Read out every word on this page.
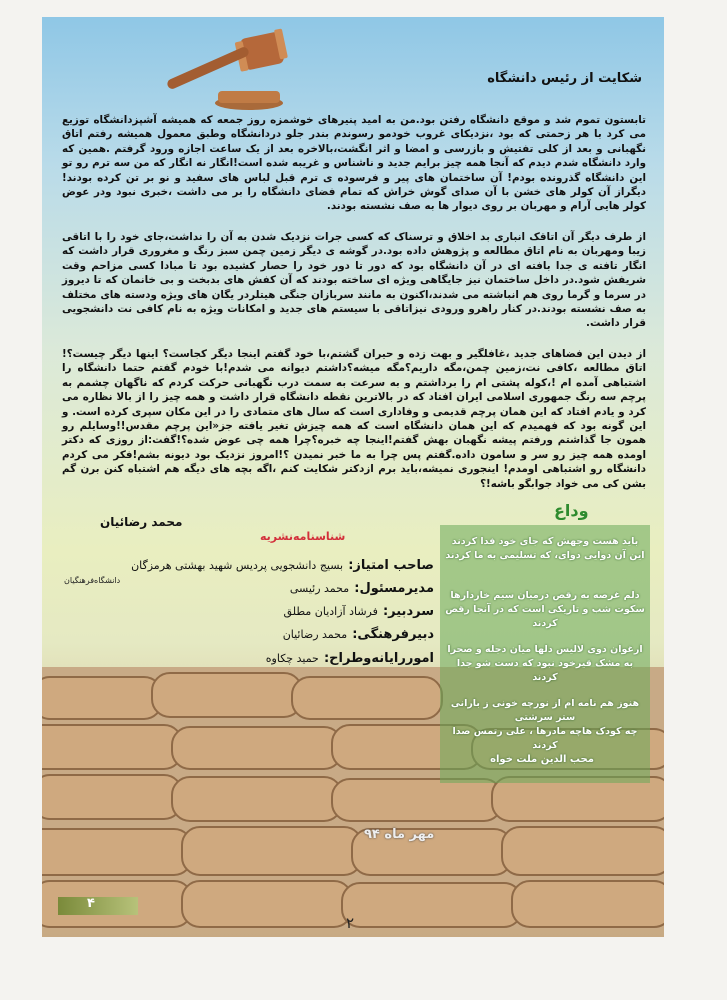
شکایت از رئیس دانشگاه

تابستون تموم شد و موقع دانشگاه رفتن بود.من به امید پنیرهای خوشمزه روز جمعه که همیشه آشپزدانشگاه توزیع می کرد با هر زحمتی که بود ،نزدیکای غروب خودمو رسوندم بندر جلو دردانشگاه وطبق معمول همیشه رفتم اتاق نگهبانی و بعد از کلی تفتیش و بازرسی و امضا و اثر انگشت،بالاخره بعد از یک ساعت اجازه ورود گرفتم .همین که وارد دانشگاه شدم دیدم که آنجا همه چیز برایم جدید و ناشناس و غریبه شده است!انگار نه انگار که من سه ترم رو تو این دانشگاه گذرونده بودم! آن ساختمان های پیر و فرسوده ی ترم قبل لباس های سفید و نو بر تن کرده بودند!دیگراز آن کولر های خشن با آن صدای گوش خراش که تمام فضای دانشگاه را بر می داشت ،خبری نبود ودر عوض کولر هایی آرام و مهربان بر روی دیوار ها به صف نشسته بودند.

از طرف دیگر آن اتاقک انباری بد اخلاق و ترسناک که کسی جرات نزدیک شدن به آن را نداشت،جای خود را با اتاقی زیبا ومهربان به نام اتاق مطالعه و پژوهش داده بود.در گوشه ی دیگر زمین چمن سبز رنگ و مغروری قرار داشت که انگار تافته ی جدا بافته ای در آن دانشگاه بود که دور تا دور خود را حصار کشیده بود تا مبادا کسی مزاحم وقت شریفش شود.در داخل ساختمان نیز جایگاهی ویژه ای ساخته بودند که آن کفش های بدبخت و بی خانمان که تا دیروز در سرما و گرما روی هم انباشته می شدند،اکنون به مانند سربازان جنگی هیتلردر یگان های ویژه ودسته های مختلف به صف نشسته بودند.در کنار راهرو ورودی نیزاتاقی با سیستم های جدید و امکانات ویژه به نام کافی نت دانشجویی قرار داشت.

از دیدن این فضاهای جدید ،غافلگیر و بهت زده و حیران گشتم،با خود گفتم اینجا دیگر کجاست؟ اینها دیگر چیست؟!اتاق مطالعه ،کافی نت،زمین چمن،مگه داریم؟مگه میشه؟داشتم دیوانه می شدم!با خودم گفتم حتما دانشگاه را اشتباهی آمده ام !،کوله پشتی ام را برداشتم و به سرعت به سمت درب نگهبانی حرکت کردم که ناگهان چشمم به پرچم سه رنگ جمهوری اسلامی ایران افتاد که در بالاترین نقطه دانشگاه قرار داشت و همه چیز را از بالا نظاره می کرد و یادم افتاد که این همان پرچم قدیمی و وفاداری است که سال های متمادی را در این مکان سپری کرده است. و این گونه بود که فهمیدم که این همان دانشگاه است که همه چیزش تغیر یافته جز«این پرچم مقدس!!وسایلم رو همون جا گذاشتم ورفتم پیشه نگهبان بهش گفتم!اینجا چه خبره؟چرا همه چی عوض شده؟!گفت:از روزی که دکتر اومده همه چیز رو سر و سامون داده.گفتم پس چرا به ما خبر نمیدن ؟!امروز نزدیک بود دیونه بشم!فکر می کردم دانشگاه رو اشتباهی اومدم! اینجوری نمیشه،باید برم ازدکتر شکایت کنم ،اگه بچه های دیگه هم اشتباه کنن برن گم بشن کی می خواد جوابگو باشه!؟

محمد رضائیان
وداع

باید هست وجهش که جای خود فدا کردند
این آن دوایی دوای، که تسلیمی به ما کردند

دلم غرصه به رقص درمیان سیم خاردارها
سکوت شب و تاریکی است که در آنجا رقص کردند

ارغوان دوی لالیس دلها میان دجله و صحرا
به مشک قیرخود نبود که دست شو جدا کردند

هنوز هم نامه ام از نورچه خونی ز بارانی ستر سرشتی
چه کودک هاچه مادرها ، علی رتمس صدا کردند

محب الدین ملت خواه
شناسنامه‌نشریه
صاحب امتیاز: بسیج دانشجویی پردیس شهید بهشتی هرمزگان
مدیرمسئول: محمد رئیسی
سردبیر: فرشاد آزادیان مطلق
دبیرفرهنگی: محمد رضائیان
اموررایانه‌وطراح: حمید چکاوه
دانشگاه‌فرهنگیان
مهر ماه ۹۴
۴
۲
